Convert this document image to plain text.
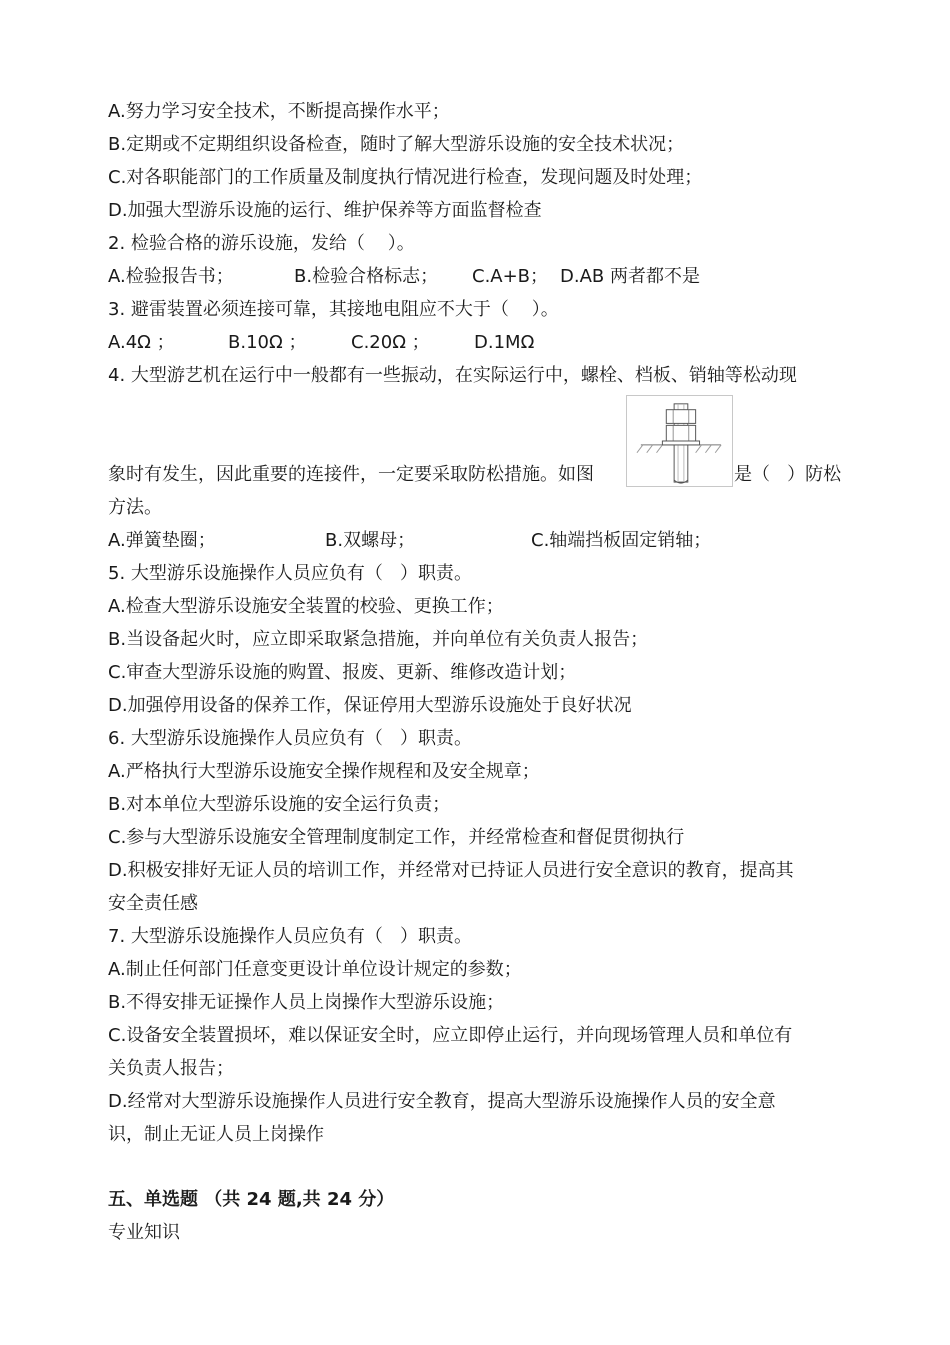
A.努力学习安全技术，不断提高操作水平；
B.定期或不定期组织设备检查，随时了解大型游乐设施的安全技术状况；
C.对各职能部门的工作质量及制度执行情况进行检查，发现问题及时处理；
D.加强大型游乐设施的运行、维护保养等方面监督检查
2. 检验合格的游乐设施，发给（    ）。

A.检验报告书；

	B.检验合格标志；

C.A+B；

D.AB 两者都不是

3. 避雷装置必须连接可靠，其接地电阻应不大于（    ）。

A.4Ω ；

	B.10Ω ；

C.20Ω ；

D.1MΩ

4. 大型游艺机在运行中一般都有一些振动，在实际运行中，螺栓、档板、销轴等松动现

象时有发生，因此重要的连接件，一定要采取防松措施。如图

	是（   ）防松

方法。

A.弹簧垫圈；

	B.双螺母；

	C.轴端挡板固定销轴；

5. 大型游乐设施操作人员应负有（   ）职责。
A.检查大型游乐设施安全装置的校验、更换工作；
B.当设备起火时，应立即采取紧急措施，并向单位有关负责人报告；
C.审查大型游乐设施的购置、报废、更新、维修改造计划；
D.加强停用设备的保养工作，保证停用大型游乐设施处于良好状况
6. 大型游乐设施操作人员应负有（   ）职责。
A.严格执行大型游乐设施安全操作规程和及安全规章；
B.对本单位大型游乐设施的安全运行负责；
C.参与大型游乐设施安全管理制度制定工作，并经常检查和督促贯彻执行
D.积极安排好无证人员的培训工作，并经常对已持证人员进行安全意识的教育，提高其
安全责任感
7. 大型游乐设施操作人员应负有（   ）职责。
A.制止任何部门任意变更设计单位设计规定的参数；
B.不得安排无证操作人员上岗操作大型游乐设施；
C.设备安全装置损坏，难以保证安全时，应立即停止运行，并向现场管理人员和单位有
关负责人报告；
D.经常对大型游乐设施操作人员进行安全教育，提高大型游乐设施操作人员的安全意
识，制止无证人员上岗操作
五、单选题 （共 24 题,共 24 分）
专业知识
